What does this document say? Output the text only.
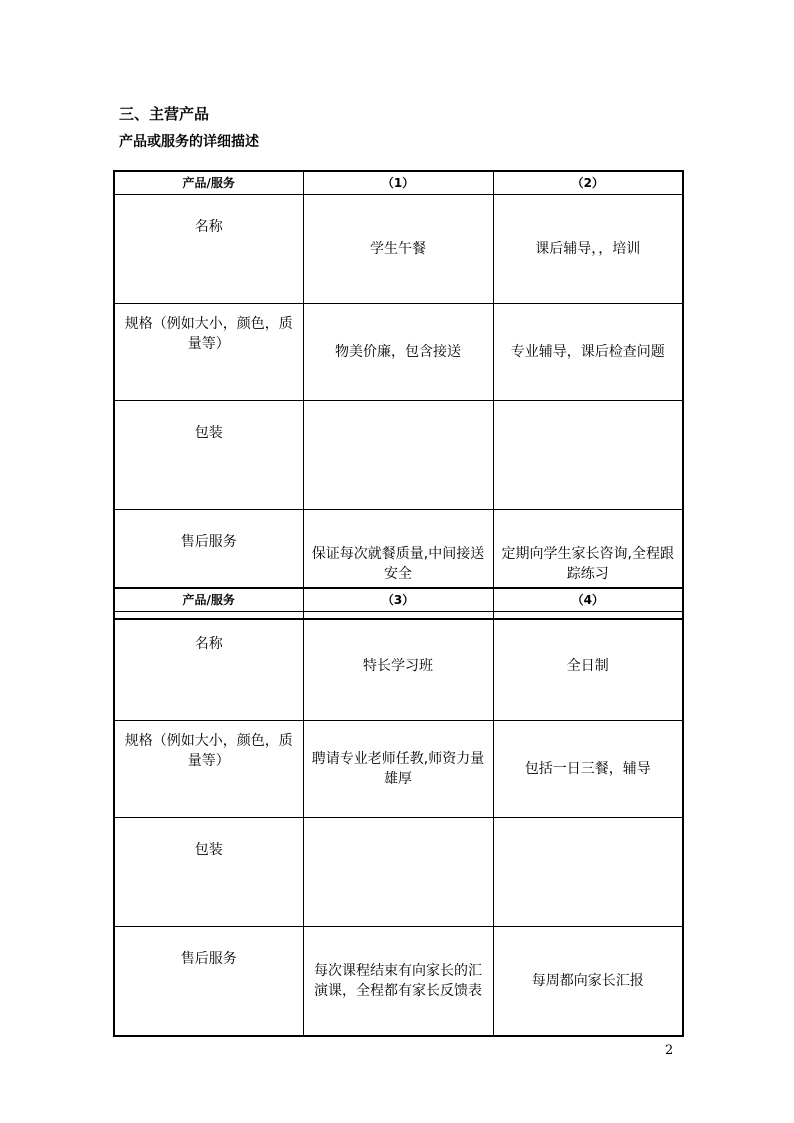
三、主营产品
产品或服务的详细描述
产品/服务	（1）	（2）
名称	学生午餐	课后辅导，，培训
规格（例如大小，颜色，质量等）	物美价廉，包含接送	专业辅导，课后检查问题
包装		
售后服务	保证每次就餐质量,中间接送安全	定期向学生家长咨询,全程跟踪练习
产品/服务	（3）	（4）
名称	特长学习班	全日制
规格（例如大小，颜色，质量等）	聘请专业老师任教,师资力量雄厚	包括一日三餐，辅导
包装		
售后服务	每次课程结束有向家长的汇演课，全程都有家长反馈表	每周都向家长汇报
2
